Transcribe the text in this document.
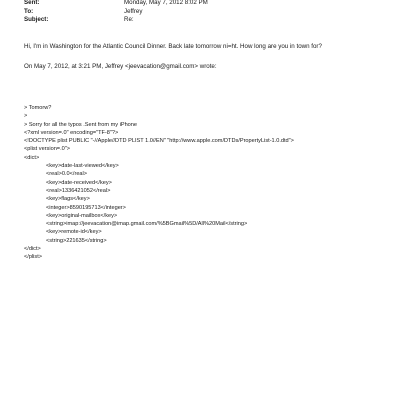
Sent:	Monday, May 7, 2012 8:02 PM
To:	Jeffrey
Subject:	Re:
Hi, I'm in Washington for the Atlantic Council Dinner. Back late tomorrow ni=ht. How long are you in town for?
On May 7, 2012, at 3:21 PM, Jeffrey <jeevacation@gmail.com> wrote:
> Tomorw?
>
> Sorry for all the typos .Sent from my iPhone
<?xml version=.0" encoding="TF-8"?>
<!DOCTYPE plist PUBLIC "-//Apple//DTD PLIST 1.0//EN" "http://www.apple.com/DTDs/PropertyList-1.0.dtd">
<plist version=.0">
<dict>
<key>date-last-viewed</key>
<real>0.0</real>
<key>date-received</key>
<real>1336421052</real>
<key>flags</key>
<integer>8590195713</integer>
<key>original-mailbox</key>
<string>imap://jeevacation@imap.gmail.com/%5BGmail%5D/All%20Mail</string>
<key>remote-id</key>
<string>221635</string>
</dict>
</plist>
